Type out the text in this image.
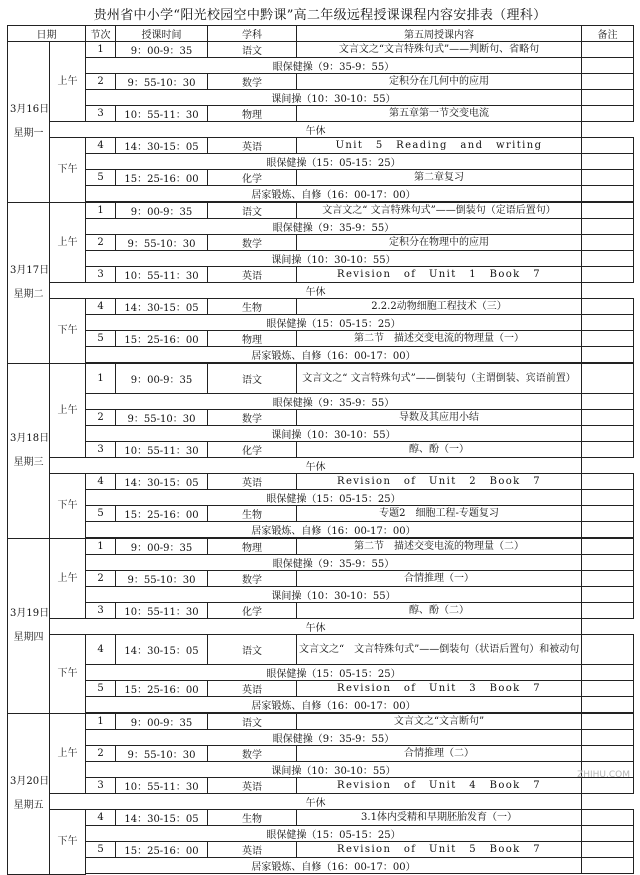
贵州省中小学“阳光校园空中黔课”高二年级远程授课课程内容安排表（理科）
日期		节次	授课时间	学科	第五周授课内容	备注
3月16日
星期一	上午	1	9：00-9：35	语文	文言文之“文言特殊句式”——判断句、省略句	
		眼保健操（9：35-9：55）				
		2	9：55-10：30	数学	定积分在几何中的应用	
		课间操（10：30-10：55）				
		3	10：55-11：30	物理	第五章第一节交变电流	
	午休					
	下午	4	14：30-15：05	英语	Unit 5 Reading and writing	
		眼保健操（15：05-15：25）				
		5	15：25-16：00	化学	第二章复习	
		居家锻炼、自修（16：00-17：00）				

3月17日
星期二	上午	1	9：00-9：35	语文	文言文之“ 文言特殊句式”——倒装句（定语后置句）	
		眼保健操（9：35-9：55）				
		2	9：55-10：30	数学	定积分在物理中的应用	
		课间操（10：30-10：55）				
		3	10：55-11：30	英语	Revision of Unit 1 Book 7	
	午休					
	下午	4	14：30-15：05	生物	2.2.2动物细胞工程技术（三）	
		眼保健操（15：05-15：25）				
		5	15：25-16：00	物理	第二节　描述交变电流的物理量（一）	
		居家锻炼、自修（16：00-17：00）				

3月18日
星期三	上午	1	9：00-9：35	语文	文言文之“ 文言特殊句式”——倒装句（主谓倒装、宾语前置）	
		眼保健操（9：35-9：55）				
		2	9：55-10：30	数学	导数及其应用小结	
		课间操（10：30-10：55）				
		3	10：55-11：30	化学	醇、酚（一）	
	午休					
	下午	4	14：30-15：05	英语	Revision of Unit 2 Book 7	
		眼保健操（15：05-15：25）				
		5	15：25-16：00	生物	专题2　细胞工程-专题复习	
		居家锻炼、自修（16：00-17：00）				

3月19日
星期四	上午	1	9：00-9：35	物理	第二节　描述交变电流的物理量（二）	
		眼保健操（9：35-9：55）				
		2	9：55-10：30	数学	合情推理（一）	
		课间操（10：30-10：55）				
		3	10：55-11：30	化学	醇、酚（二）	
	午休					
	下午	4	14：30-15：05	语文	文言文之“　文言特殊句式”——倒装句（状语后置句）和被动句	
		眼保健操（15：05-15：25）				
		5	15：25-16：00	英语	Revision of Unit 3 Book 7	
		居家锻炼、自修（16：00-17：00）				

3月20日
星期五	上午	1	9：00-9：35	语文	文言文之“文言断句”	
		眼保健操（9：35-9：55）				
		2	9：55-10：30	数学	合情推理（二）	
		课间操（10：30-10：55）				
		3	10：55-11：30	英语	Revision of Unit 4 Book 7	
	午休					
	下午	4	14：30-15：05	生物	3.1体内受精和早期胚胎发育（一）	
		眼保健操（15：05-15：25）				
		5	15：25-16：00	英语	Revision of Unit 5 Book 7	
		居家锻炼、自修（16：00-17：00）				

ZHIHU.COM
